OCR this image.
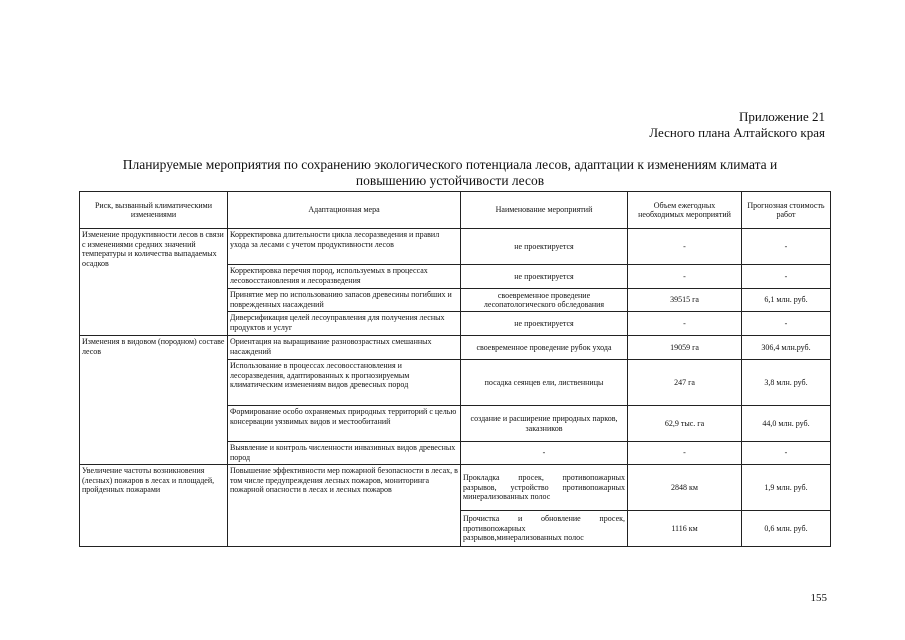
Приложение 21
Лесного плана Алтайского края
Планируемые мероприятия по сохранению экологического потенциала лесов, адаптации к изменениям климата и
повышению устойчивости лесов
Риск, вызванный климатическими изменениями	Адаптационная мера	Наименование мероприятий	Объем ежегодных необходимых мероприятий	Прогнозная стоимость работ
Изменение продуктивности лесов в связи с изменениями средних значений температуры и количества выпадаемых осадков	Корректировка длительности цикла лесоразведения и правил ухода за лесами с учетом продуктивности лесов	не проектируется	-	-
	Корректировка перечня пород, используемых в процессах лесовосстановления и лесоразведения	не проектируется	-	-
	Принятие мер по использованию запасов древесины погибших и поврежденных насаждений	своевременное проведение лесопатологического обследования	39515 га	6,1 млн. руб.
	Диверсификация целей лесоуправления для получения лесных продуктов и услуг	не проектируется	-	-
Изменения в видовом (породном) составе лесов	Ориентация на выращивание разновозрастных смешанных насаждений	своевременное проведение рубок ухода	19059 га	306,4 млн.руб.
	Использование в процессах лесовосстановления и лесоразведения, адаптированных к прогнозируемым климатическим изменениям видов древесных пород	посадка сеянцев ели, лиственницы	247 га	3,8 млн. руб.
	Формирование особо охраняемых природных территорий с целью консервации уязвимых видов и местообитаний	создание и расширение природных парков, заказников	62,9 тыс. га	44,0 млн. руб.
	Выявление и контроль численности инвазивных видов древесных пород	-	-	-
Увеличение частоты возникновения (лесных) пожаров в лесах и площадей, пройденных пожарами	Повышение эффективности мер пожарной безопасности в лесах, в том числе предупреждения лесных пожаров, мониторинга пожарной опасности в лесах и лесных пожаров	Прокладка просек, противопожарных разрывов, устройство противопожарных минерализованных полос	2848 км	1,9 млн. руб.
		Прочистка и обновление просек, противопожарных разрывов,минерализованных полос	1116 км	0,6 млн. руб.
155
